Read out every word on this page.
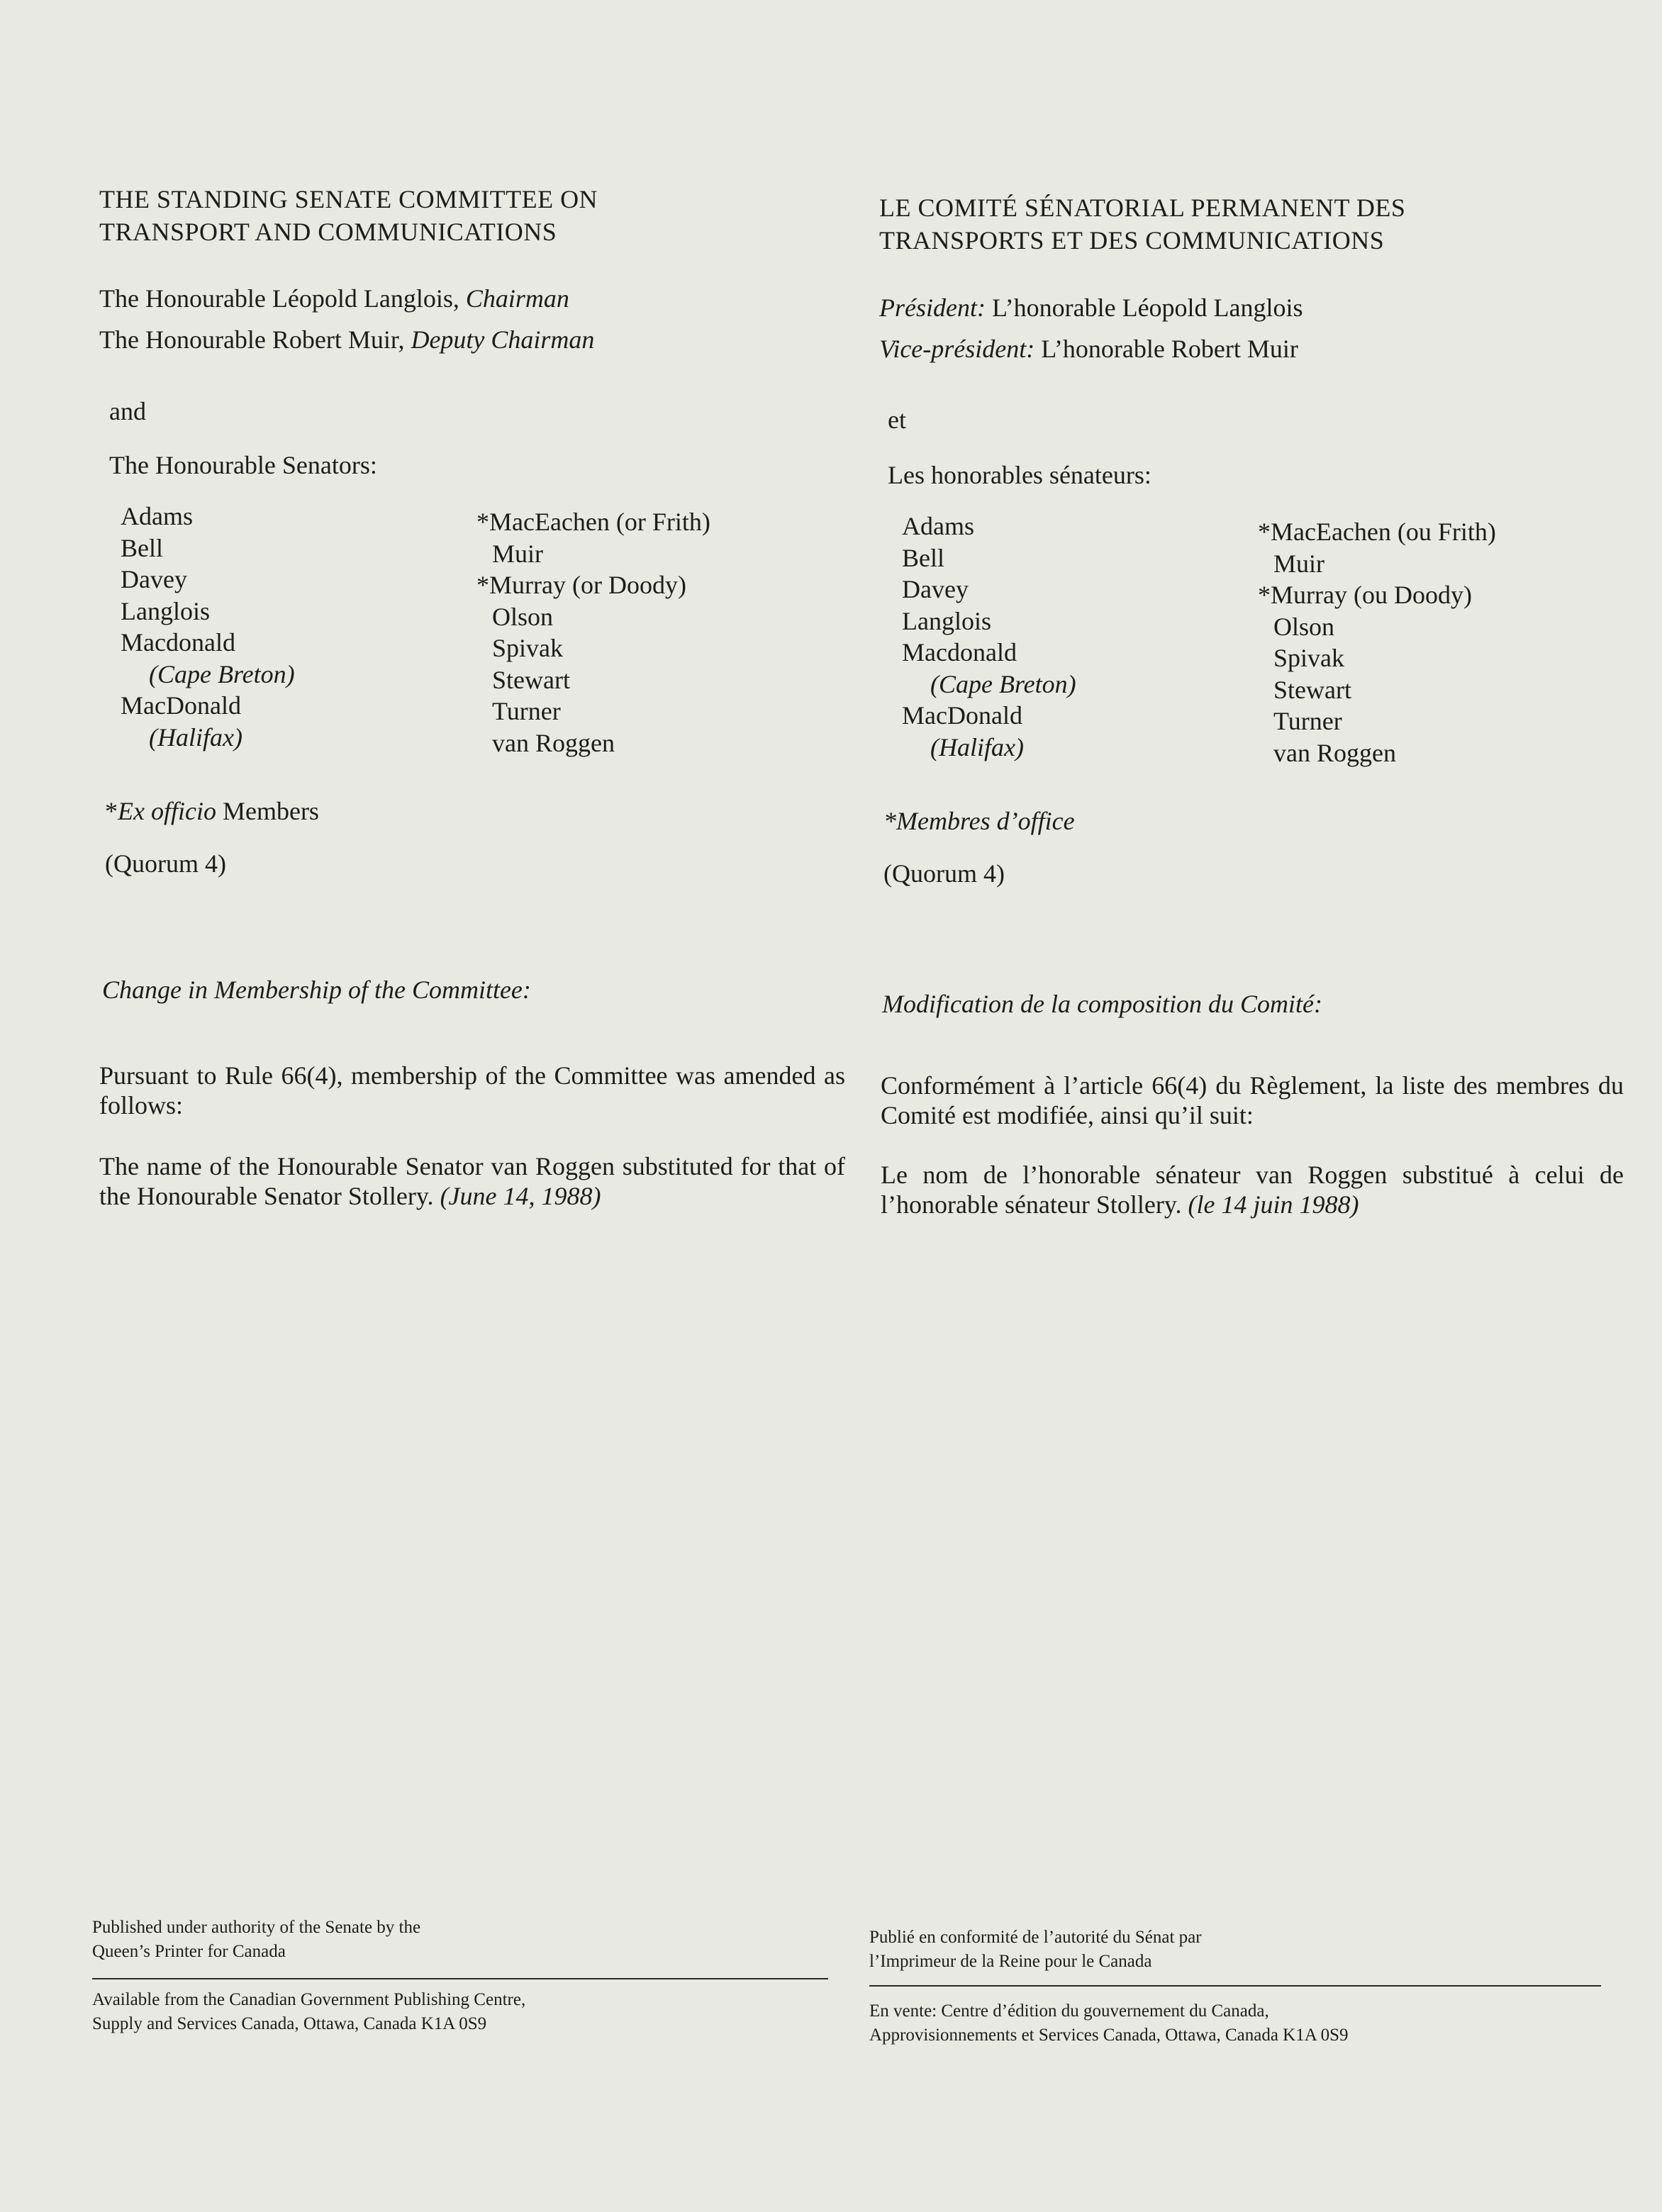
THE STANDING SENATE COMMITTEE ON
TRANSPORT AND COMMUNICATIONS
The Honourable Léopold Langlois, Chairman
The Honourable Robert Muir, Deputy Chairman
and
The Honourable Senators:
Adams
Bell
Davey
Langlois
Macdonald
(Cape Breton)
MacDonald
(Halifax)
*MacEachen (or Frith)
Muir
*Murray (or Doody)
Olson
Spivak
Stewart
Turner
van Roggen
*Ex officio Members
(Quorum 4)
Change in Membership of the Committee:
Pursuant to Rule 66(4), membership of the Committee was amended as follows:
The name of the Honourable Senator van Roggen substituted for that of the Honourable Senator Stollery. (June 14, 1988)
Published under authority of the Senate by the
Queen’s Printer for Canada
Available from the Canadian Government Publishing Centre,
Supply and Services Canada, Ottawa, Canada K1A 0S9
LE COMITÉ SÉNATORIAL PERMANENT DES
TRANSPORTS ET DES COMMUNICATIONS
Président: L’honorable Léopold Langlois
Vice-président: L’honorable Robert Muir
et
Les honorables sénateurs:
Adams
Bell
Davey
Langlois
Macdonald
(Cape Breton)
MacDonald
(Halifax)
*MacEachen (ou Frith)
Muir
*Murray (ou Doody)
Olson
Spivak
Stewart
Turner
van Roggen
*Membres d’office
(Quorum 4)
Modification de la composition du Comité:
Conformément à l’article 66(4) du Règlement, la liste des membres du Comité est modifiée, ainsi qu’il suit:
Le nom de l’honorable sénateur van Roggen substitué à celui de l’honorable sénateur Stollery. (le 14 juin 1988)
Publié en conformité de l’autorité du Sénat par
l’Imprimeur de la Reine pour le Canada
En vente: Centre d’édition du gouvernement du Canada,
Approvisionnements et Services Canada, Ottawa, Canada K1A 0S9
